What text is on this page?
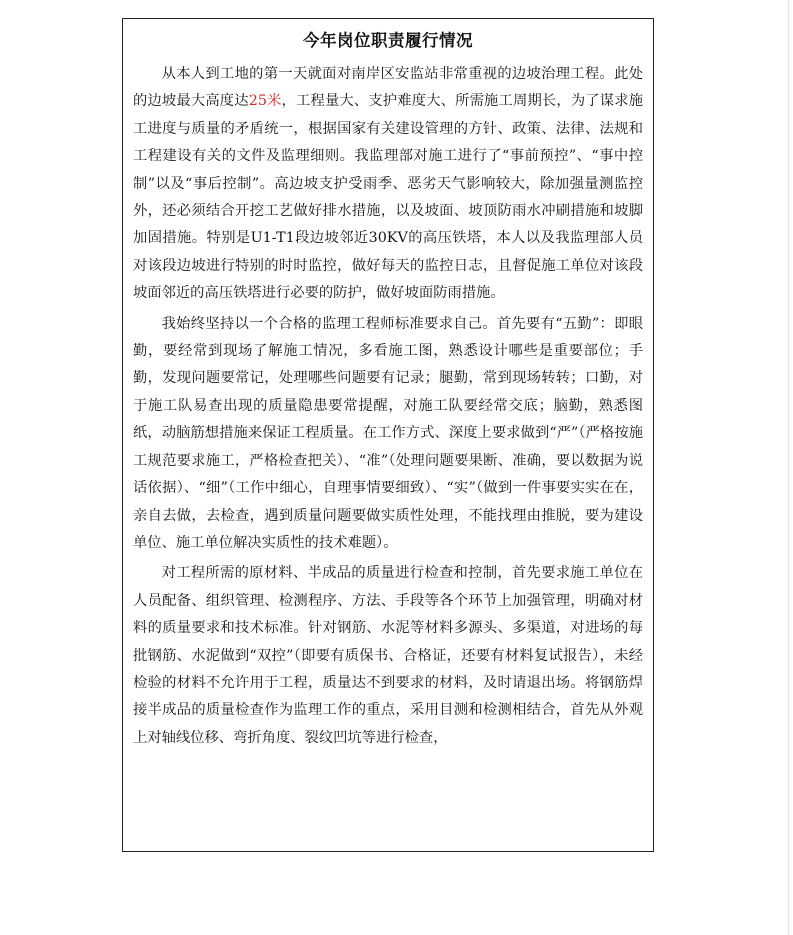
今年岗位职责履行情况

从本人到工地的第一天就面对南岸区安监站非常重视的边坡治理工程。此处的边坡最大高度达25米，工程量大、支护难度大、所需施工周期长，为了谋求施工进度与质量的矛盾统一，根据国家有关建设管理的方针、政策、法律、法规和工程建设有关的文件及监理细则。我监理部对施工进行了“事前预控”、“事中控制”以及“事后控制”。高边坡支护受雨季、恶劣天气影响较大，除加强量测监控外，还必须结合开挖工艺做好排水措施，以及坡面、坡顶防雨水冲刷措施和坡脚加固措施。特别是U1-T1段边坡邻近30KV的高压铁塔，本人以及我监理部人员对该段边坡进行特别的时时监控，做好每天的监控日志，且督促施工单位对该段坡面邻近的高压铁塔进行必要的防护，做好坡面防雨措施。

我始终坚持以一个合格的监理工程师标准要求自己。首先要有“五勤”：即眼勤，要经常到现场了解施工情况，多看施工图，熟悉设计哪些是重要部位；手勤，发现问题要常记，处理哪些问题要有记录；腿勤，常到现场转转；口勤，对于施工队易查出现的质量隐患要常提醒，对施工队要经常交底；脑勤，熟悉图纸，动脑筋想措施来保证工程质量。在工作方式、深度上要求做到“严”（严格按施工规范要求施工，严格检查把关）、“准”（处理问题要果断、准确，要以数据为说话依据）、“细”（工作中细心，自理事情要细致）、“实”（做到一件事要实实在在，亲自去做，去检查，遇到质量问题要做实质性处理，不能找理由推脱，要为建设单位、施工单位解决实质性的技术难题）。

对工程所需的原材料、半成品的质量进行检查和控制，首先要求施工单位在人员配备、组织管理、检测程序、方法、手段等各个环节上加强管理，明确对材料的质量要求和技术标准。针对钢筋、水泥等材料多源头、多渠道，对进场的每批钢筋、水泥做到“双控”（即要有质保书、合格证，还要有材料复试报告），未经检验的材料不允许用于工程，质量达不到要求的材料，及时请退出场。将钢筋焊接半成品的质量检查作为监理工作的重点，采用目测和检测相结合，首先从外观上对轴线位移、弯折角度、裂纹凹坑等进行检查，
